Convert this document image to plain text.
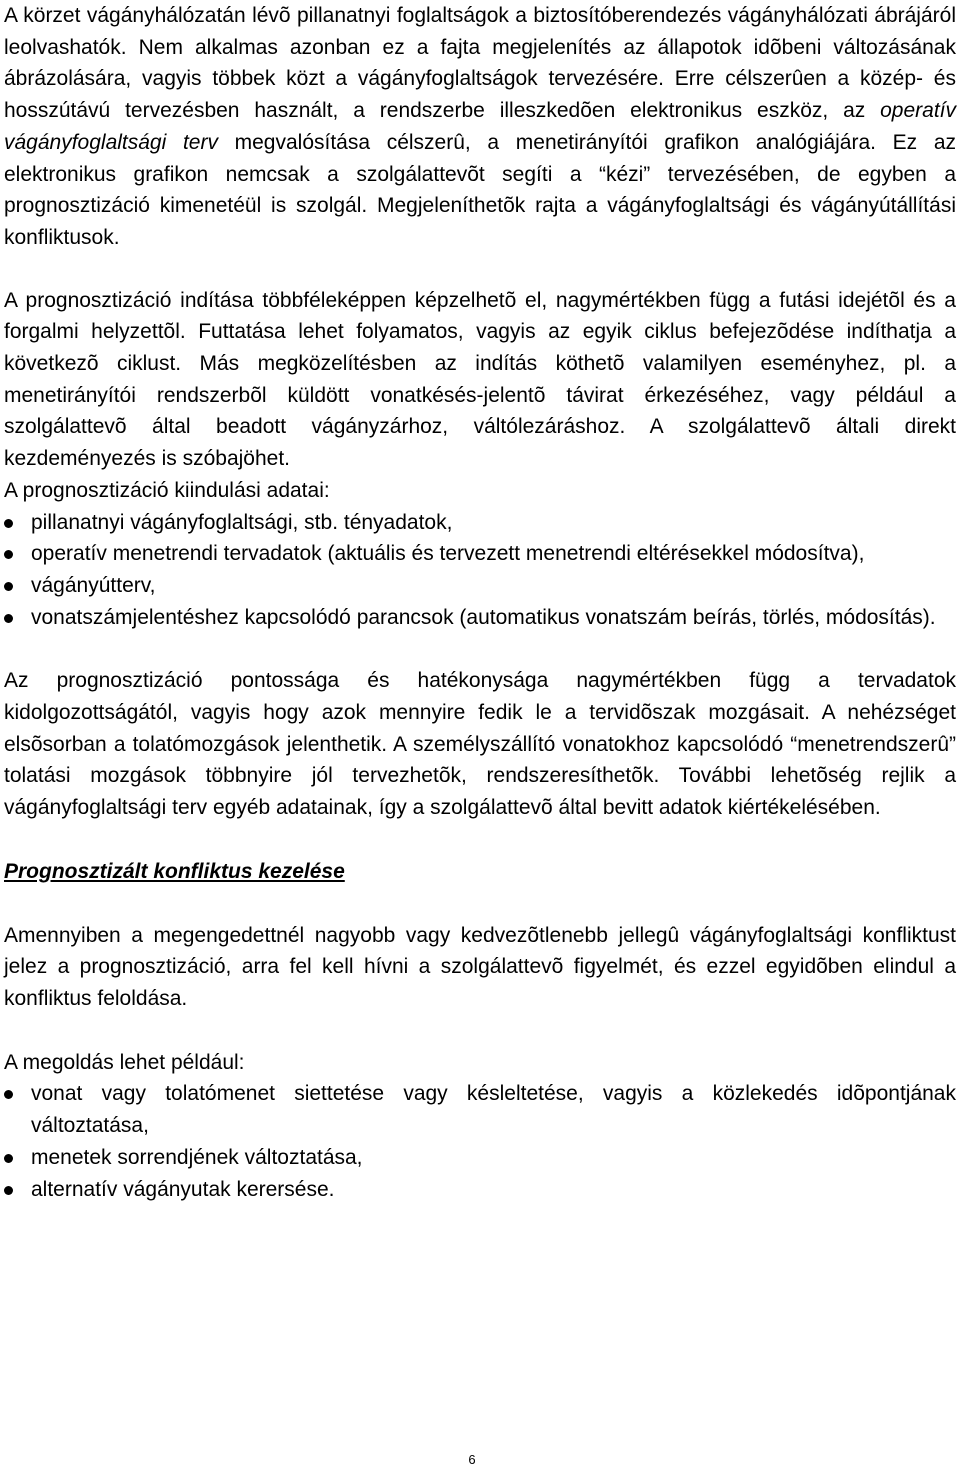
A körzet vágányhálózatán lévõ pillanatnyi foglaltságok a biztosítóberendezés vágányhálózati ábrájáról leolvashatók. Nem alkalmas azonban ez a fajta megjelenítés az állapotok idõbeni változásának ábrázolására, vagyis többek közt a vágányfoglaltságok tervezésére. Erre célszerûen a közép- és hosszútávú tervezésben használt, a rendszerbe illeszkedõen elektronikus eszköz, az operatív vágányfoglaltsági terv megvalósítása célszerû, a menetirányítói grafikon analógiájára. Ez az elektronikus grafikon nemcsak a szolgálattevõt segíti a “kézi” tervezésében, de egyben a prognosztizáció kimenetéül is szolgál. Megjeleníthetõk rajta a vágányfoglaltsági és vágányútállítási konfliktusok.

A prognosztizáció indítása többféleképpen képzelhetõ el, nagymértékben függ a futási idejétõl és a forgalmi helyzettõl. Futtatása lehet folyamatos, vagyis az egyik ciklus befejezõdése indíthatja a következõ ciklust. Más megközelítésben az indítás köthetõ valamilyen eseményhez, pl. a menetirányítói rendszerbõl küldött vonatkésés-jelentõ távirat érkezéséhez, vagy például a szolgálattevõ által beadott vágányzárhoz, váltólezáráshoz. A szolgálattevõ általi direkt kezdeményezés is szóbajöhet.

A prognosztizáció kiindulási adatai:

pillanatnyi vágányfoglaltsági, stb. tényadatok,
operatív menetrendi tervadatok (aktuális és tervezett menetrendi eltérésekkel módosítva),
vágányútterv,
vonatszámjelentéshez kapcsolódó parancsok (automatikus vonatszám beírás, törlés, módosítás).

Az prognosztizáció pontossága és hatékonysága nagymértékben függ a tervadatok kidolgozottságától, vagyis hogy azok mennyire fedik le a tervidõszak mozgásait. A nehézséget elsõsorban a tolatómozgások jelenthetik. A személyszállító vonatokhoz kapcsolódó “menetrendszerû” tolatási mozgások többnyire jól tervezhetõk, rendszeresíthetõk. További lehetõség rejlik a vágányfoglaltsági terv egyéb adatainak, így a szolgálattevõ által bevitt adatok kiértékelésében.

Prognosztizált konfliktus kezelése

Amennyiben a megengedettnél nagyobb vagy kedvezõtlenebb jellegû vágányfoglaltsági konfliktust jelez a prognosztizáció, arra fel kell hívni a szolgálattevõ figyelmét, és ezzel egyidõben elindul a konfliktus feloldása.

A megoldás lehet például:

vonat vagy tolatómenet siettetése vagy késleltetése, vagyis a közlekedés idõpontjának változtatása,
menetek sorrendjének változtatása,
alternatív vágányutak kerersése.
6
